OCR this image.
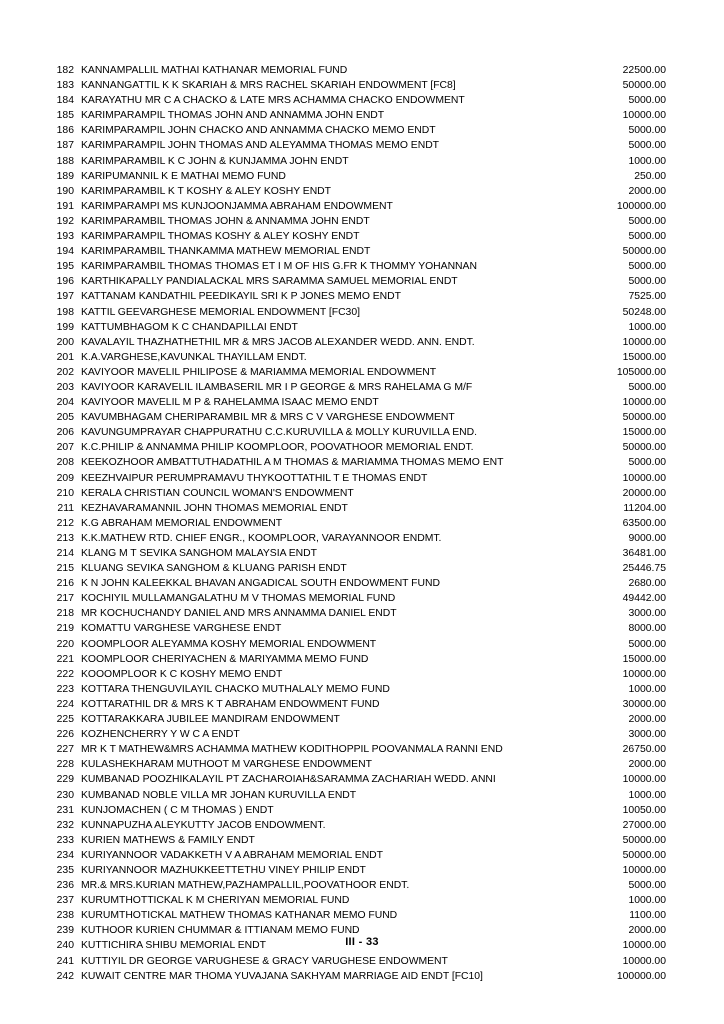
182	KANNAMPALLIL MATHAI KATHANAR MEMORIAL FUND	22500.00
183	KANNANGATTIL K K SKARIAH & MRS RACHEL SKARIAH ENDOWMENT [FC8]	50000.00
184	KARAYATHU MR C A CHACKO & LATE MRS ACHAMMA CHACKO ENDOWMENT	5000.00
185	KARIMPARAMPIL THOMAS JOHN AND ANNAMMA JOHN ENDT	10000.00
186	KARIMPARAMPIL JOHN CHACKO AND ANNAMMA CHACKO MEMO ENDT	5000.00
187	KARIMPARAMPIL JOHN THOMAS AND ALEYAMMA THOMAS MEMO ENDT	5000.00
188	KARIMPARAMBIL K C JOHN & KUNJAMMA JOHN ENDT	1000.00
189	KARIPUMANNIL K E MATHAI MEMO FUND	250.00
190	KARIMPARAMBIL K T KOSHY & ALEY KOSHY ENDT	2000.00
191	KARIMPARAMPI MS KUNJOONJAMMA ABRAHAM ENDOWMENT	100000.00
192	KARIMPARAMBIL THOMAS JOHN & ANNAMMA JOHN ENDT	5000.00
193	KARIMPARAMPIL THOMAS KOSHY & ALEY KOSHY ENDT	5000.00
194	KARIMPARAMBIL THANKAMMA MATHEW MEMORIAL ENDT	50000.00
195	KARIMPARAMBIL THOMAS THOMAS ET I M OF HIS G.FR K THOMMY YOHANNAN	5000.00
196	KARTHIKAPALLY PANDIALACKAL MRS SARAMMA SAMUEL MEMORIAL ENDT	5000.00
197	KATTANAM KANDATHIL PEEDIKAYIL SRI K P JONES MEMO ENDT	7525.00
198	KATTIL GEEVARGHESE MEMORIAL ENDOWMENT [FC30]	50248.00
199	KATTUMBHAGOM K C CHANDAPILLAI ENDT	1000.00
200	KAVALAYIL THAZHATHETHIL MR & MRS JACOB ALEXANDER WEDD. ANN. ENDT.	10000.00
201	K.A.VARGHESE,KAVUNKAL THAYILLAM ENDT.	15000.00
202	KAVIYOOR MAVELIL PHILIPOSE & MARIAMMA MEMORIAL ENDOWMENT	105000.00
203	KAVIYOOR KARAVELIL ILAMBASERIL MR I P GEORGE & MRS RAHELAMA G M/F	5000.00
204	KAVIYOOR MAVELIL M P & RAHELAMMA ISAAC MEMO ENDT	10000.00
205	KAVUMBHAGAM CHERIPARAMBIL MR & MRS C V VARGHESE ENDOWMENT	50000.00
206	KAVUNGUMPRAYAR CHAPPURATHU C.C.KURUVILLA & MOLLY KURUVILLA END.	15000.00
207	K.C.PHILIP & ANNAMMA PHILIP KOOMPLOOR, POOVATHOOR MEMORIAL ENDT.	50000.00
208	KEEKOZHOOR AMBATTUTHADATHIL A M THOMAS & MARIAMMA THOMAS MEMO ENT	5000.00
209	KEEZHVAIPUR PERUMPRAMAVU THYKOOTTATHIL T E THOMAS ENDT	10000.00
210	KERALA CHRISTIAN COUNCIL WOMAN'S ENDOWMENT	20000.00
211	KEZHAVARAMANNIL JOHN THOMAS MEMORIAL ENDT	11204.00
212	K.G ABRAHAM MEMORIAL ENDOWMENT	63500.00
213	K.K.MATHEW RTD. CHIEF ENGR., KOOMPLOOR, VARAYANNOOR ENDMT.	9000.00
214	KLANG M T SEVIKA SANGHOM MALAYSIA ENDT	36481.00
215	KLUANG SEVIKA SANGHOM & KLUANG PARISH ENDT	25446.75
216	K N JOHN KALEEKKAL BHAVAN ANGADICAL SOUTH ENDOWMENT FUND	2680.00
217	KOCHIYIL MULLAMANGALATHU M V THOMAS MEMORIAL FUND	49442.00
218	MR KOCHUCHANDY DANIEL AND MRS ANNAMMA DANIEL ENDT	3000.00
219	KOMATTU VARGHESE VARGHESE ENDT	8000.00
220	KOOMPLOOR ALEYAMMA KOSHY MEMORIAL ENDOWMENT	5000.00
221	KOOMPLOOR CHERIYACHEN & MARIYAMMA MEMO FUND	15000.00
222	KOOOMPLOOR K C KOSHY MEMO ENDT	10000.00
223	KOTTARA THENGUVILAYIL CHACKO MUTHALALY MEMO FUND	1000.00
224	KOTTARATHIL DR & MRS K T ABRAHAM ENDOWMENT FUND	30000.00
225	KOTTARAKKARA JUBILEE MANDIRAM ENDOWMENT	2000.00
226	KOZHENCHERRY Y W C A ENDT	3000.00
227	MR K T MATHEW&MRS ACHAMMA MATHEW KODITHOPPIL POOVANMALA RANNI END	26750.00
228	KULASHEKHARAM MUTHOOT M VARGHESE ENDOWMENT	2000.00
229	KUMBANAD POOZHIKALAYIL PT ZACHAROIAH&SARAMMA ZACHARIAH WEDD. ANNI	10000.00
230	KUMBANAD NOBLE VILLA MR JOHAN KURUVILLA ENDT	1000.00
231	KUNJOMACHEN ( C M THOMAS ) ENDT	10050.00
232	KUNNAPUZHA ALEYKUTTY JACOB ENDOWMENT.	27000.00
233	KURIEN MATHEWS & FAMILY ENDT	50000.00
234	KURIYANNOOR VADAKKETH V A ABRAHAM MEMORIAL ENDT	50000.00
235	KURIYANNOOR MAZHUKKEETTETHU VINEY PHILIP ENDT	10000.00
236	MR.& MRS.KURIAN MATHEW,PAZHAMPALLIL,POOVATHOOR ENDT.	5000.00
237	KURUMTHOTTICKAL K M CHERIYAN MEMORIAL FUND	1000.00
238	KURUMTHOTICKAL MATHEW THOMAS KATHANAR MEMO FUND	1100.00
239	KUTHOOR KURIEN CHUMMAR & ITTIANAM MEMO FUND	2000.00
240	KUTTICHIRA SHIBU MEMORIAL ENDT	10000.00
241	KUTTIYIL DR GEORGE VARUGHESE & GRACY VARUGHESE ENDOWMENT	10000.00
242	KUWAIT CENTRE MAR THOMA YUVAJANA SAKHYAM MARRIAGE AID ENDT [FC10]	100000.00
III - 33
